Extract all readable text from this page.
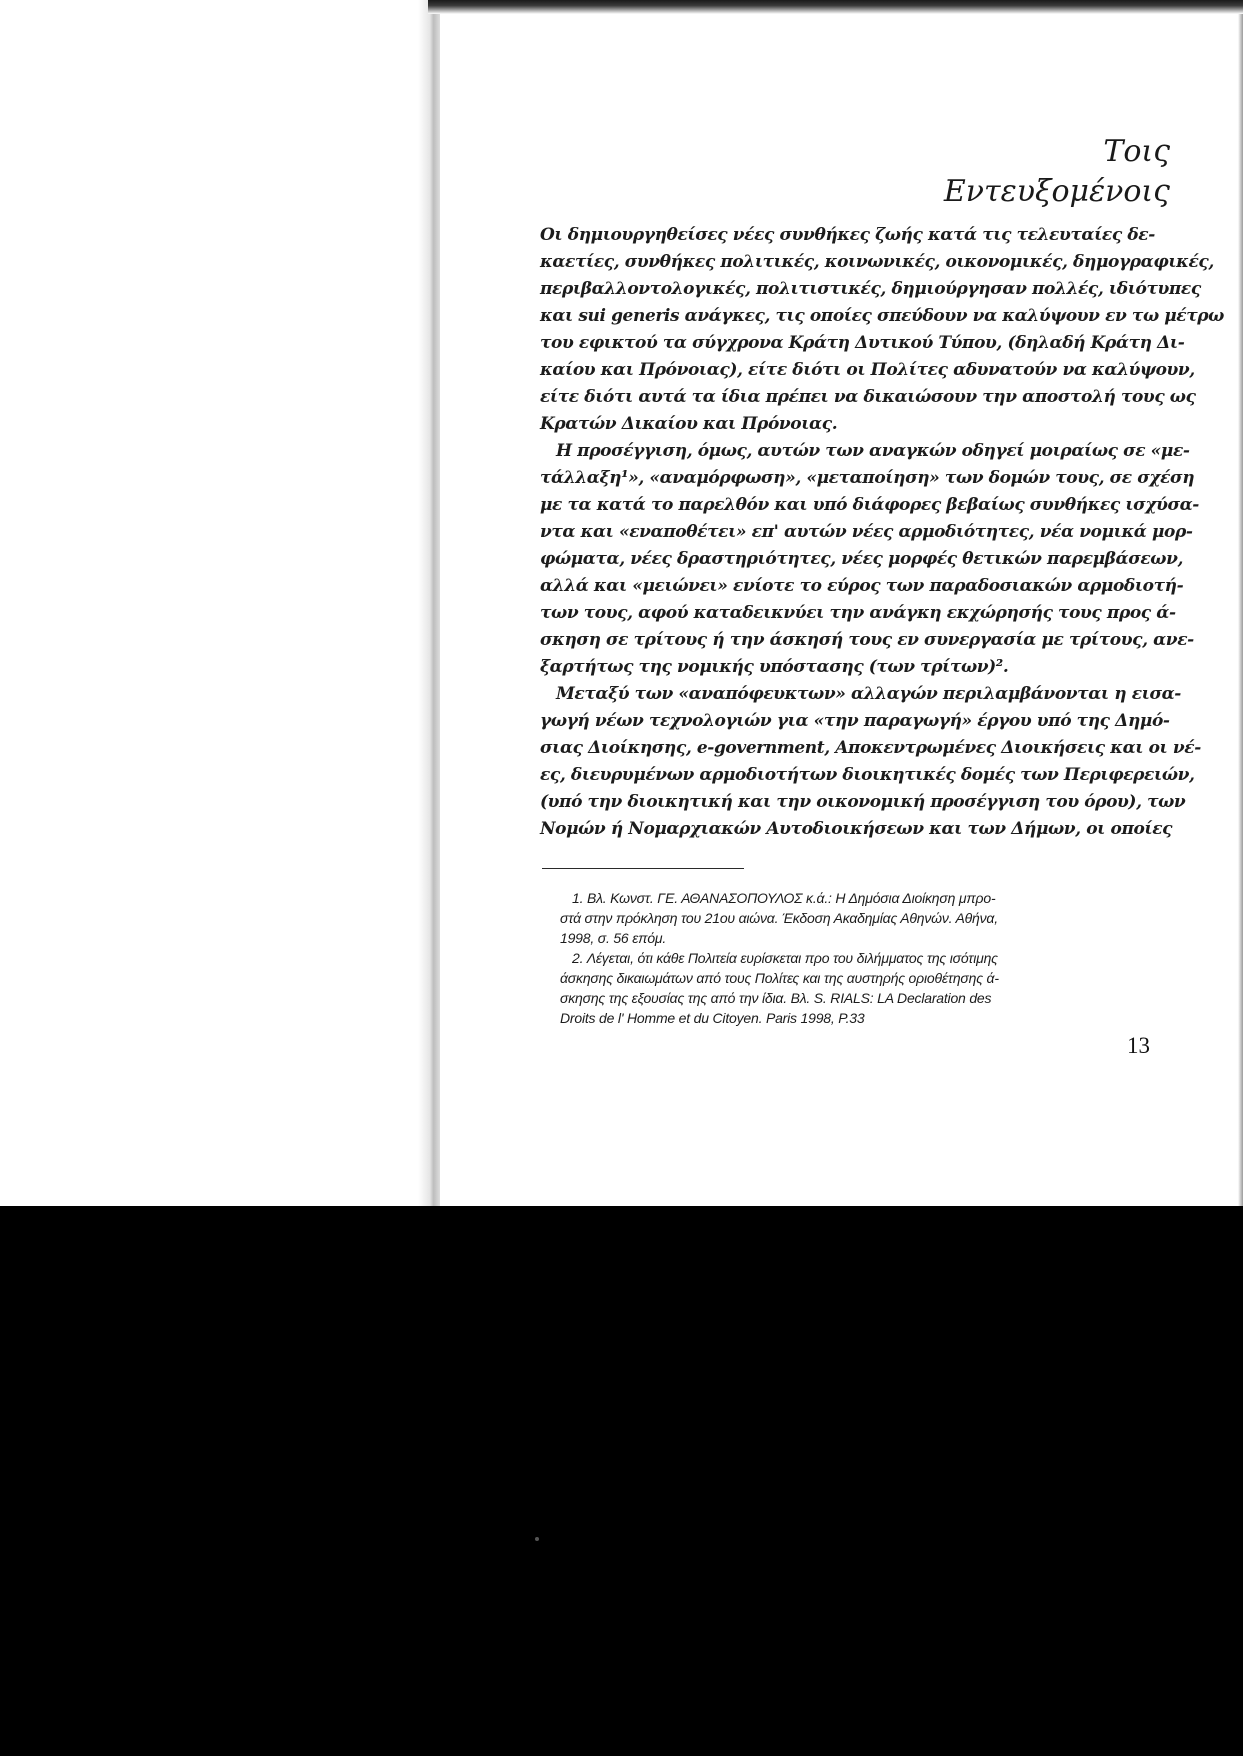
Τοις Εντευξομένοις
Οι δημιουργηθείσες νέες συνθήκες ζωής κατά τις τελευταίες δε-
καετίες, συνθήκες πολιτικές, κοινωνικές, οικονομικές, δημογραφικές,
περιβαλλοντολογικές, πολιτιστικές, δημιούργησαν πολλές, ιδιότυπες
και sui generis ανάγκες, τις οποίες σπεύδουν να καλύψουν εν τω μέτρω
του εφικτού τα σύγχρονα Κράτη Δυτικού Τύπου, (δηλαδή Κράτη Δι-
καίου και Πρόνοιας), είτε διότι οι Πολίτες αδυνατούν να καλύψουν,
είτε διότι αυτά τα ίδια πρέπει να δικαιώσουν την αποστολή τους ως
Κρατών Δικαίου και Πρόνοιας.
Η προσέγγιση, όμως, αυτών των αναγκών οδηγεί μοιραίως σε «με-
τάλλαξη¹», «αναμόρφωση», «μεταποίηση» των δομών τους, σε σχέση
με τα κατά το παρελθόν και υπό διάφορες βεβαίως συνθήκες ισχύσα-
ντα και «εναποθέτει» επ' αυτών νέες αρμοδιότητες, νέα νομικά μορ-
φώματα, νέες δραστηριότητες, νέες μορφές θετικών παρεμβάσεων,
αλλά και «μειώνει» ενίοτε το εύρος των παραδοσιακών αρμοδιοτή-
των τους, αφού καταδεικνύει την ανάγκη εκχώρησής τους προς ά-
σκηση σε τρίτους ή την άσκησή τους εν συνεργασία με τρίτους, ανε-
ξαρτήτως της νομικής υπόστασης (των τρίτων)².
Μεταξύ των «αναπόφευκτων» αλλαγών περιλαμβάνονται η εισα-
γωγή νέων τεχνολογιών για «την παραγωγή» έργου υπό της Δημό-
σιας Διοίκησης, e-government, Αποκεντρωμένες Διοικήσεις και οι νέ-
ες, διευρυμένων αρμοδιοτήτων διοικητικές δομές των Περιφερειών,
(υπό την διοικητική και την οικονομική προσέγγιση του όρου), των
Νομών ή Νομαρχιακών Αυτοδιοικήσεων και των Δήμων, οι οποίες
1. Βλ. Κωνστ. ΓΕ. ΑΘΑΝΑΣΟΠΟΥΛΟΣ κ.ά.: Η Δημόσια Διοίκηση μπρο-
στά στην πρόκληση του 21ου αιώνα. Έκδοση Ακαδημίας Αθηνών. Αθήνα,
1998, σ. 56 επόμ.
2. Λέγεται, ότι κάθε Πολιτεία ευρίσκεται προ του διλήμματος της ισότιμης
άσκησης δικαιωμάτων από τους Πολίτες και της αυστηρής οριοθέτησης ά-
σκησης της εξουσίας της από την ίδια. Βλ. S. RIALS: LA Declaration des
Droits de l' Homme et du Citoyen. Paris 1998, P.33
13
